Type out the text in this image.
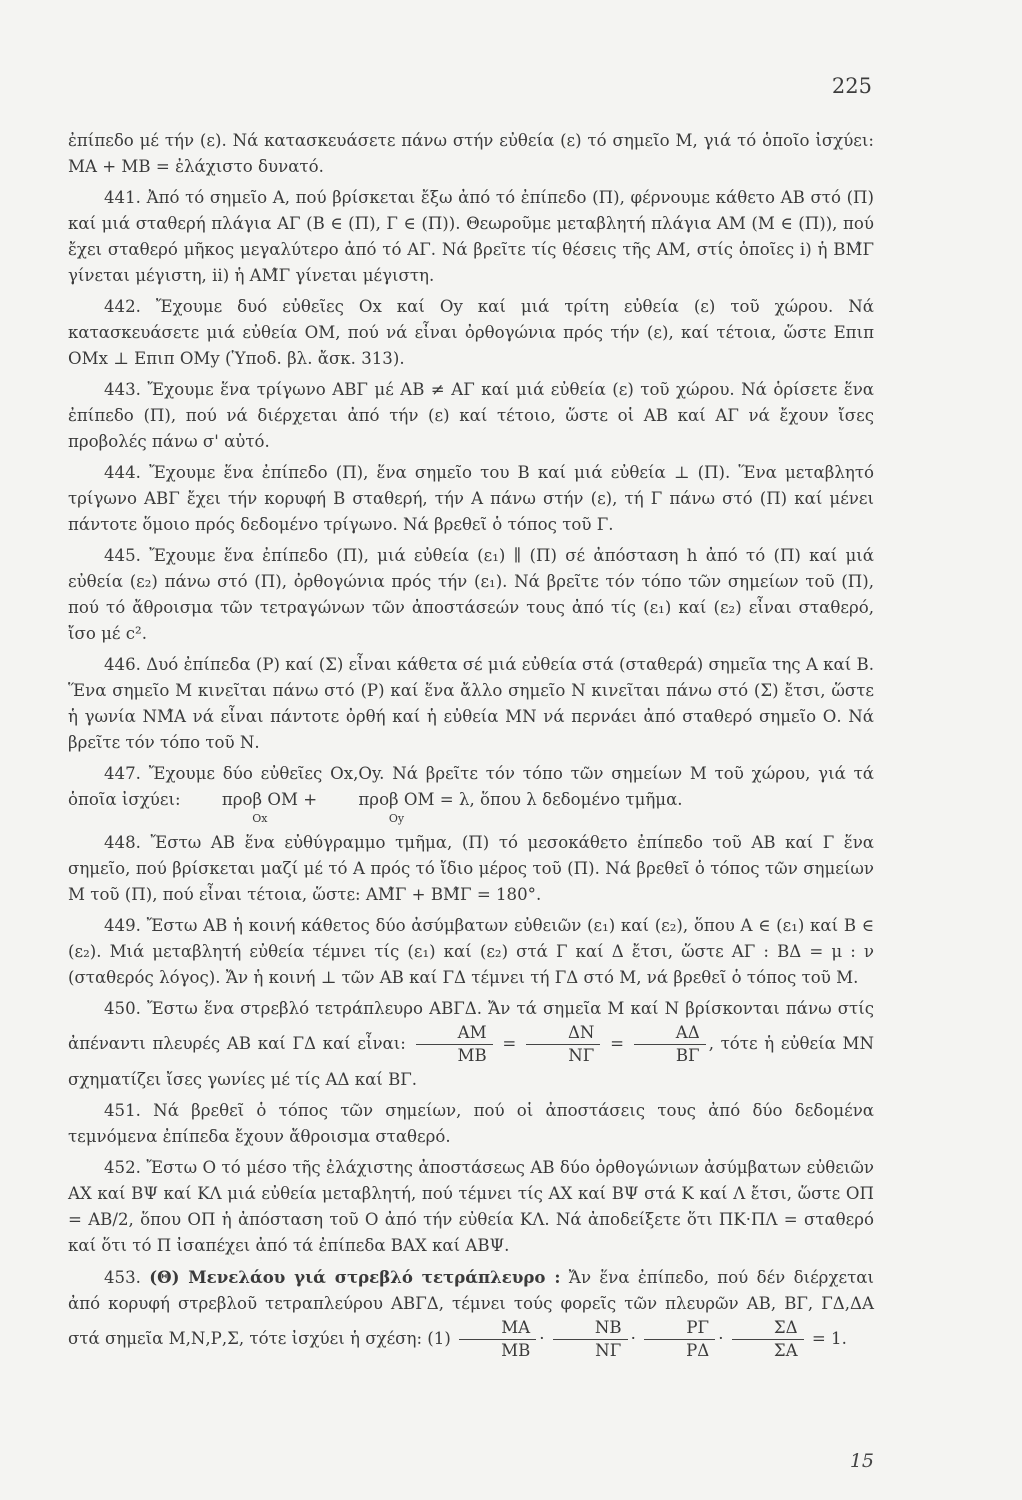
225

ἐπίπεδο μέ τήν (ε). Νά κατασκευάσετε πάνω στήν εὐθεία (ε) τό σημεῖο Μ, γιά τό ὁποῖο ἰσχύει: ΜΑ + ΜΒ = ἐλάχιστο δυνατό.

441. Ἀπό τό σημεῖο Α, πού βρίσκεται ἔξω ἀπό τό ἐπίπεδο (Π), φέρνουμε κάθετο ΑΒ στό (Π) καί μιά σταθερή πλάγια ΑΓ (Β ∈ (Π), Γ ∈ (Π)). Θεωροῦμε μεταβλητή πλάγια ΑΜ (Μ ∈ (Π)), πού ἔχει σταθερό μῆκος μεγαλύτερο ἀπό τό ΑΓ. Νά βρεῖτε τίς θέσεις τῆς ΑΜ, στίς ὁποῖες i) ἡ ΒΜ̂Γ γίνεται μέγιστη, ii) ἡ ΑΜ̂Γ γίνεται μέγιστη.

442. Ἔχουμε δυό εὐθεῖες Οx καί Οy καί μιά τρίτη εὐθεία (ε) τοῦ χώρου. Νά κατασκευάσετε μιά εὐθεία ΟΜ, πού νά εἶναι ὀρθογώνια πρός τήν (ε), καί τέτοια, ὥστε Επιπ ΟΜx ⊥ Επιπ ΟΜy (Ὑποδ. βλ. ἄσκ. 313).

443. Ἔχουμε ἕνα τρίγωνο ΑΒΓ μέ ΑΒ ≠ ΑΓ καί μιά εὐθεία (ε) τοῦ χώρου. Νά ὁρίσετε ἕνα ἐπίπεδο (Π), πού νά διέρχεται ἀπό τήν (ε) καί τέτοιο, ὥστε οἱ ΑΒ καί ΑΓ νά ἔχουν ἴσες προβολές πάνω σ' αὐτό.

444. Ἔχουμε ἕνα ἐπίπεδο (Π), ἕνα σημεῖο του Β καί μιά εὐθεία ⊥ (Π). Ἕνα μεταβλητό τρίγωνο ΑΒΓ ἔχει τήν κορυφή Β σταθερή, τήν Α πάνω στήν (ε), τή Γ πάνω στό (Π) καί μένει πάντοτε ὅμοιο πρός δεδομένο τρίγωνο. Νά βρεθεῖ ὁ τόπος τοῦ Γ.

445. Ἔχουμε ἕνα ἐπίπεδο (Π), μιά εὐθεία (ε₁) ∥ (Π) σέ ἀπόσταση h ἀπό τό (Π) καί μιά εὐθεία (ε₂) πάνω στό (Π), ὀρθογώνια πρός τήν (ε₁). Νά βρεῖτε τόν τόπο τῶν σημείων τοῦ (Π), πού τό ἄθροισμα τῶν τετραγώνων τῶν ἀποστάσεών τους ἀπό τίς (ε₁) καί (ε₂) εἶναι σταθερό, ἴσο μέ c².

446. Δυό ἐπίπεδα (Ρ) καί (Σ) εἶναι κάθετα σέ μιά εὐθεία στά (σταθερά) σημεῖα της Α καί Β. Ἕνα σημεῖο Μ κινεῖται πάνω στό (Ρ) καί ἕνα ἄλλο σημεῖο Ν κινεῖται πάνω στό (Σ) ἔτσι, ὥστε ἡ γωνία ΝΜ̂Α νά εἶναι πάντοτε ὀρθή καί ἡ εὐθεία ΜΝ νά περνάει ἀπό σταθερό σημεῖο Ο. Νά βρεῖτε τόν τόπο τοῦ Ν.

447. Ἔχουμε δύο εὐθεῖες Οx,Οy. Νά βρεῖτε τόν τόπο τῶν σημείων Μ τοῦ χώρου, γιά τά ὁποῖα ἰσχύει: προβ ΟΜ
Οx
+ προβ ΟΜ
Οy
= λ, ὅπου λ δεδομένο τμῆμα.

448. Ἔστω ΑΒ ἕνα εὐθύγραμμο τμῆμα, (Π) τό μεσοκάθετο ἐπίπεδο τοῦ ΑΒ καί Γ ἕνα σημεῖο, πού βρίσκεται μαζί μέ τό Α πρός τό ἴδιο μέρος τοῦ (Π). Νά βρεθεῖ ὁ τόπος τῶν σημείων Μ τοῦ (Π), πού εἶναι τέτοια, ὥστε: ΑΜ̂Γ + ΒΜ̂Γ = 180°.

449. Ἔστω ΑΒ ἡ κοινή κάθετος δύο ἀσύμβατων εὐθειῶν (ε₁) καί (ε₂), ὅπου Α ∈ (ε₁) καί Β ∈ (ε₂). Μιά μεταβλητή εὐθεία τέμνει τίς (ε₁) καί (ε₂) στά Γ καί Δ ἔτσι, ὥστε ΑΓ : ΒΔ = μ : ν (σταθερός λόγος). Ἄν ἡ κοινή ⊥ τῶν ΑΒ καί ΓΔ τέμνει τή ΓΔ στό Μ, νά βρεθεῖ ὁ τόπος τοῦ Μ.

450. Ἔστω ἕνα στρεβλό τετράπλευρο ΑΒΓΔ. Ἄν τά σημεῖα Μ καί Ν βρίσκονται πάνω στίς ἀπέναντι πλευρές ΑΒ καί ΓΔ καί εἶναι: $\frac{AM}{MB} = \frac{\Delta N}{N\Gamma} = \frac{A\Delta}{B\Gamma}$ , τότε ἡ εὐθεία ΜΝ σχηματίζει ἴσες γωνίες μέ τίς ΑΔ καί ΒΓ.

451. Νά βρεθεῖ ὁ τόπος τῶν σημείων, πού οἱ ἀποστάσεις τους ἀπό δύο δεδομένα τεμνόμενα ἐπίπεδα ἔχουν ἄθροισμα σταθερό.

452. Ἔστω Ο τό μέσο τῆς ἐλάχιστης ἀποστάσεως ΑΒ δύο ὀρθογώνιων ἀσύμβατων εὐθειῶν ΑΧ καί ΒΨ καί ΚΛ μιά εὐθεία μεταβλητή, πού τέμνει τίς ΑΧ καί ΒΨ στά Κ καί Λ ἔτσι, ὥστε ΟΠ = ΑΒ/2, ὅπου ΟΠ ἡ ἀπόσταση τοῦ Ο ἀπό τήν εὐθεία ΚΛ. Νά ἀποδείξετε ὅτι ΠΚ·ΠΛ = σταθερό καί ὅτι τό Π ἰσαπέχει ἀπό τά ἐπίπεδα ΒΑΧ καί ΑΒΨ.

453. (Θ) Μενελάου γιά στρεβλό τετράπλευρο : Ἄν ἕνα ἐπίπεδο, πού δέν διέρχεται ἀπό κορυφή στρεβλοῦ τετραπλεύρου ΑΒΓΔ, τέμνει τούς φορεῖς τῶν πλευρῶν ΑΒ, ΒΓ, ΓΔ,ΔΑ στά σημεῖα Μ,Ν,Ρ,Σ, τότε ἰσχύει ἡ σχέση: $(1) \frac{MA}{MB} \cdot \frac{NB}{N\Gamma} \cdot \frac{P\Gamma}{P\Delta} \cdot \frac{\Sigma\Delta}{\Sigma A} = 1$.

15
